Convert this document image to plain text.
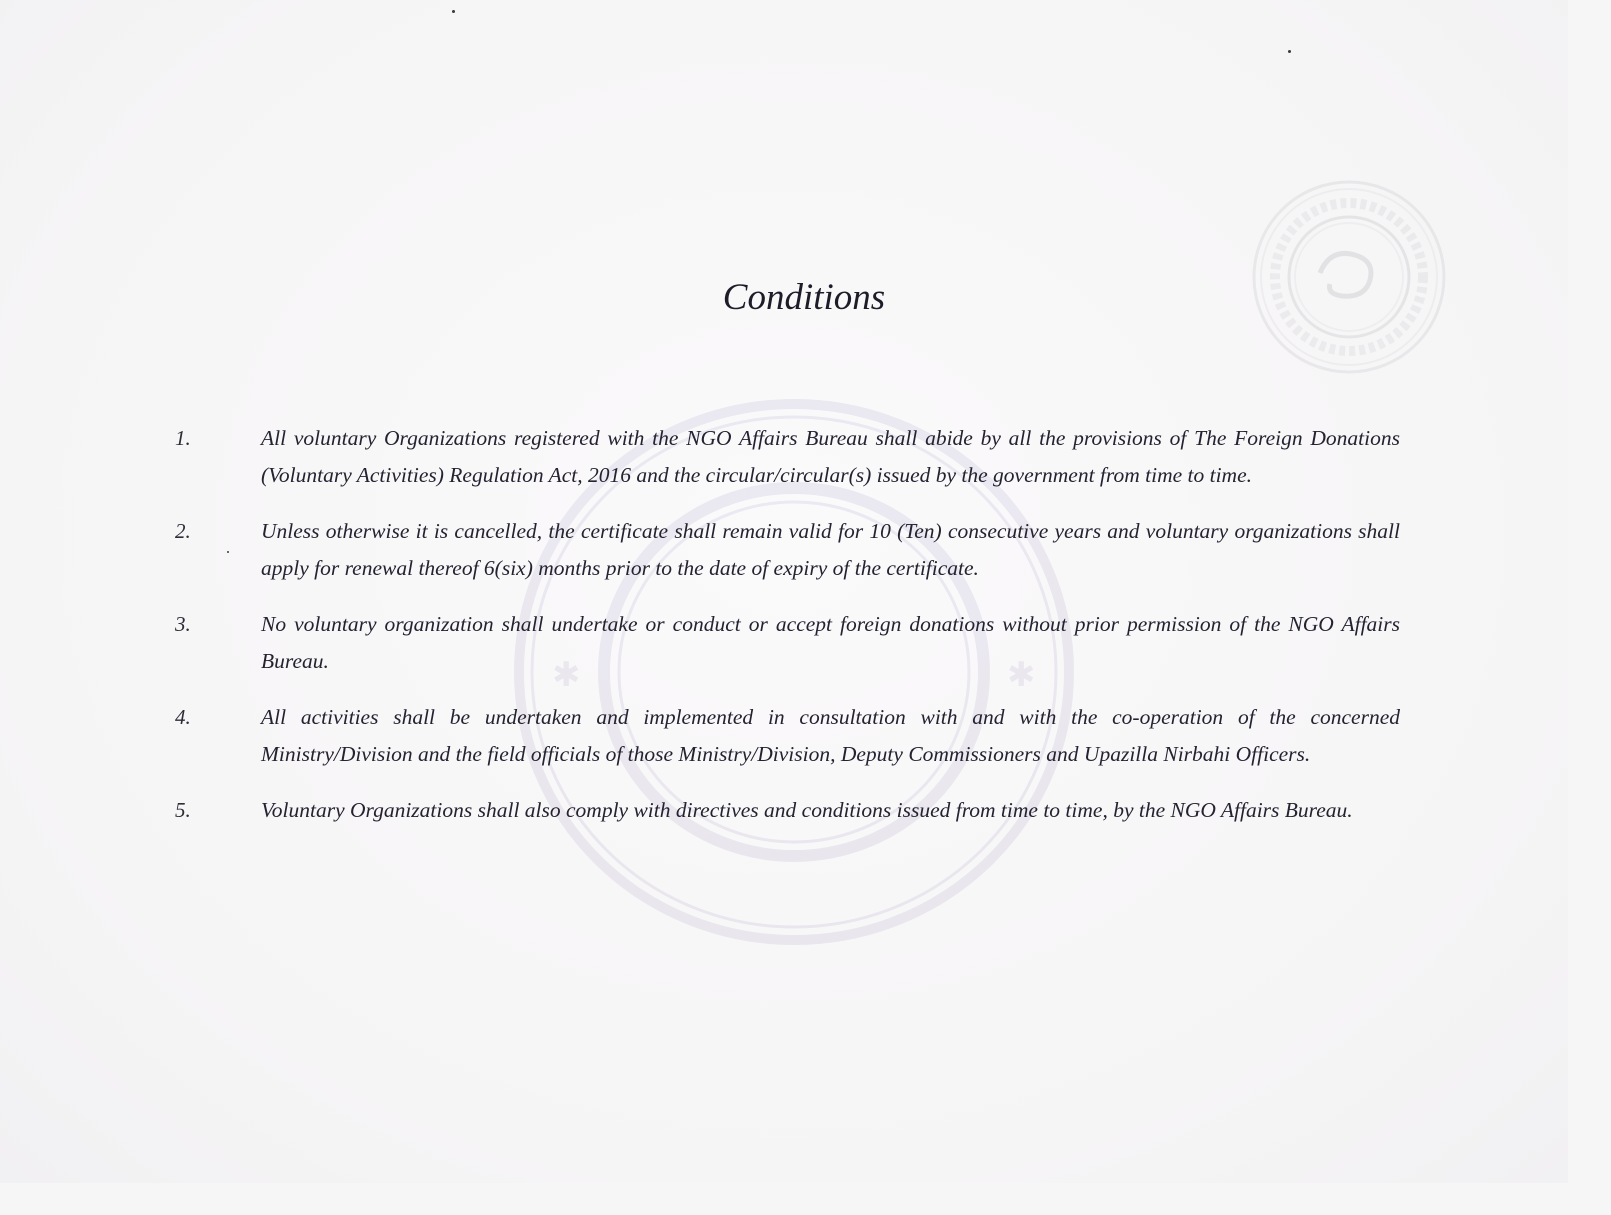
✱	✱
Conditions
1.	All voluntary Organizations registered with the NGO Affairs Bureau shall abide by all the provisions of The Foreign Donations (Voluntary Activities) Regulation Act, 2016 and the circular/circular(s) issued by the government from time to time.
2.	Unless otherwise it is cancelled, the certificate shall remain valid for 10 (Ten) consecutive years and voluntary organizations shall apply for renewal thereof 6(six) months prior to the date of expiry of the certificate.
3.	No voluntary organization shall undertake or conduct or accept foreign donations without prior permission of the NGO Affairs Bureau.
4.	All activities shall be undertaken and implemented in consultation with and with the co-operation of the concerned Ministry/Division and the field officials of those Ministry/Division, Deputy Commissioners and Upazilla Nirbahi Officers.
5.	Voluntary Organizations shall also comply with directives and conditions issued from time to time, by the NGO Affairs Bureau.
